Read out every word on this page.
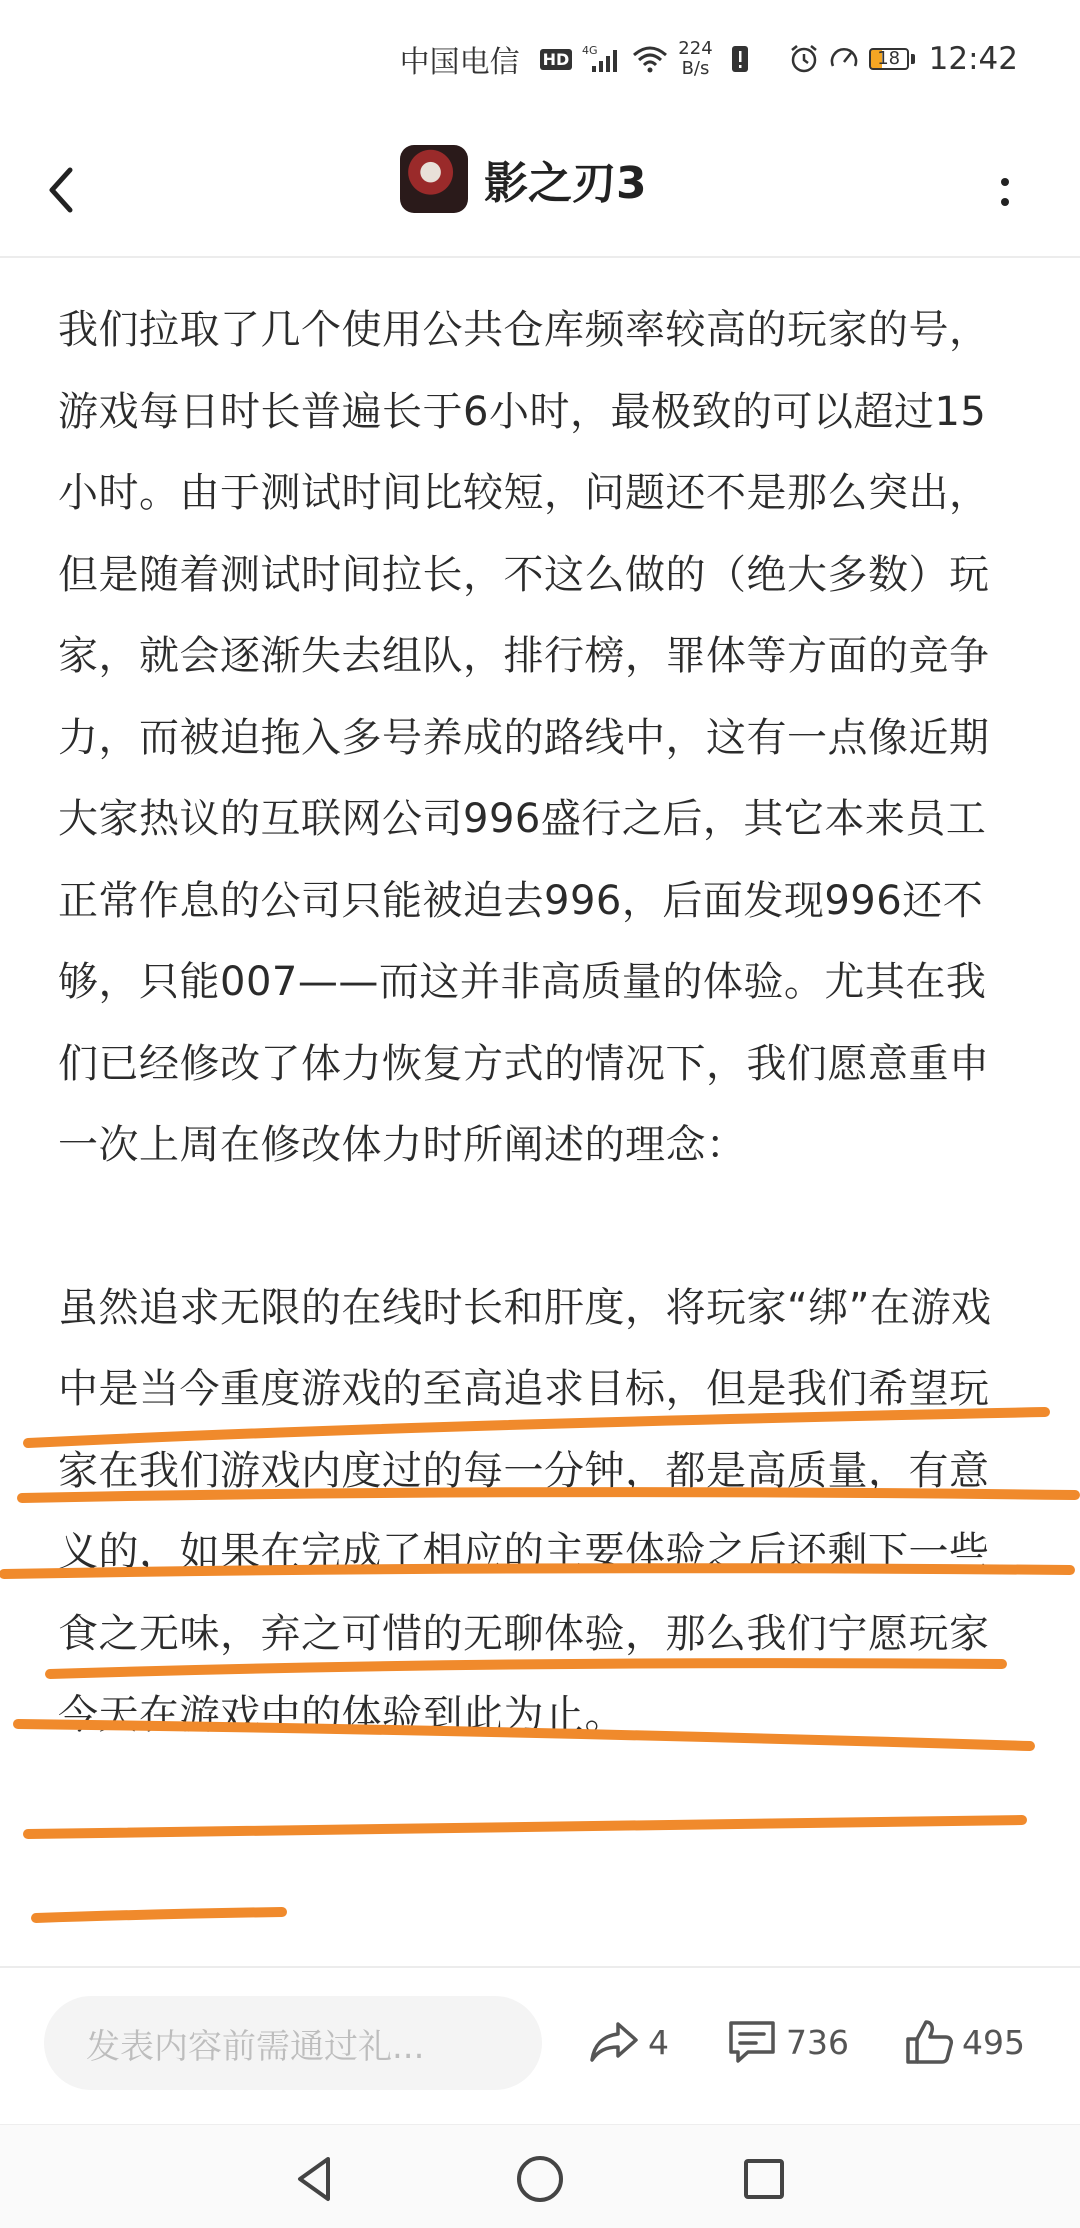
中国电信 HD 4G	224
B/s	18 12:42
影之刃3

我们拉取了几个使用公共仓库频率较高的玩家的号，游戏每日时长普遍长于6小时，最极致的可以超过15小时。由于测试时间比较短，问题还不是那么突出，但是随着测试时间拉长，不这么做的（绝大多数）玩家，就会逐渐失去组队，排行榜，罪体等方面的竞争力，而被迫拖入多号养成的路线中，这有一点像近期大家热议的互联网公司996盛行之后，其它本来员工正常作息的公司只能被迫去996，后面发现996还不够，只能007——而这并非高质量的体验。尤其在我们已经修改了体力恢复方式的情况下，我们愿意重申一次上周在修改体力时所阐述的理念：

虽然追求无限的在线时长和肝度，将玩家“绑”在游戏中是当今重度游戏的至高追求目标，但是我们希望玩家在我们游戏内度过的每一分钟，都是高质量，有意义的，如果在完成了相应的主要体验之后还剩下一些食之无味，弃之可惜的无聊体验，那么我们宁愿玩家今天在游戏中的体验到此为止。

发表内容前需通过礼...	4	736	495
